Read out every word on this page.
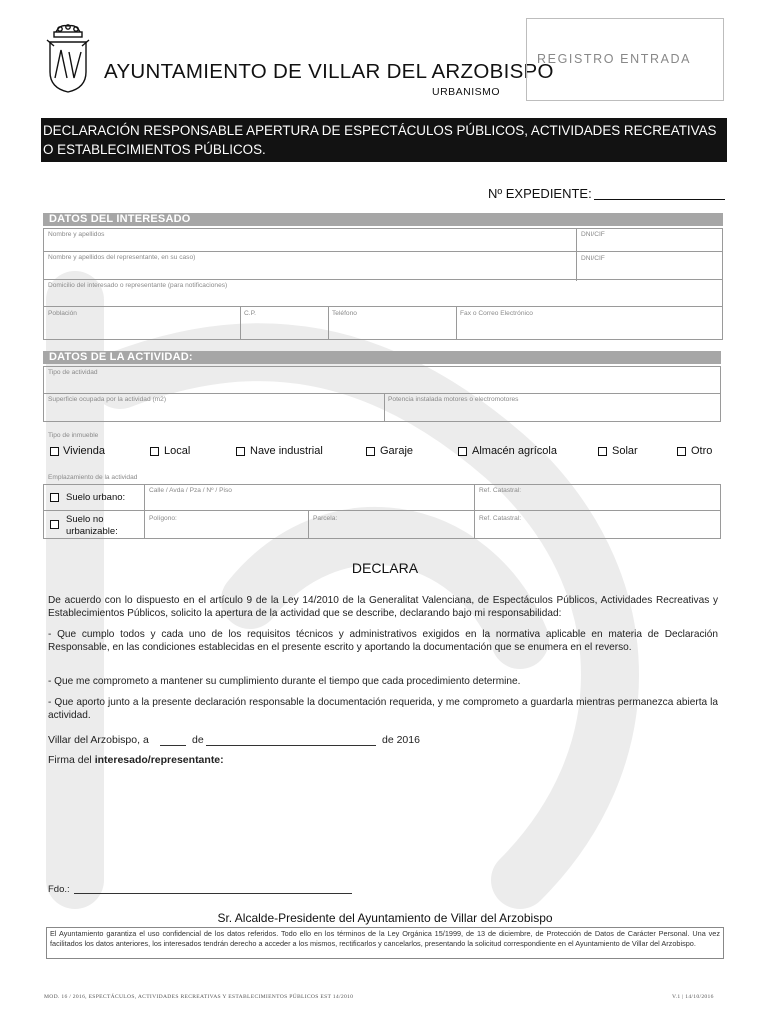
AYUNTAMIENTO DE VILLAR DEL ARZOBISPO
URBANISMO
REGISTRO ENTRADA
DECLARACIÓN RESPONSABLE APERTURA DE ESPECTÁCULOS PÚBLICOS, ACTIVIDADES RECREATIVAS O ESTABLECIMIENTOS PÚBLICOS.
Nº EXPEDIENTE:
DATOS DEL INTERESADO
Nombre y apellidos	DNI/CIF
Nombre y apellidos del representante, en su caso)	DNI/CIF
Domicilio del interesado o representante (para notificaciones)
Población	C.P.	Teléfono	Fax o Correo Electrónico
DATOS DE LA ACTIVIDAD:
Tipo de actividad
Superficie ocupada por la actividad (m2)	Potencia instalada motores o electromotores
Tipo de inmueble
Vivienda	Local	Nave industrial	Garaje	Almacén agrícola	Solar	Otro
Emplazamiento de la actividad
Suelo urbano:
Calle / Avda / Pza / Nº / Piso	Ref. Catastral:
Suelo no
urbanizable:
Polígono:	Parcela:	Ref. Catastral:
DECLARA
De acuerdo con lo dispuesto en el artículo 9 de la Ley 14/2010 de la Generalitat Valenciana, de Espectáculos Públicos, Actividades Recreativas y Establecimientos Públicos, solicito la apertura de la actividad que se describe, declarando bajo mi responsabilidad:
- Que cumplo todos y cada uno de los requisitos técnicos y administrativos exigidos en la normativa aplicable en materia de Declaración Responsable, en las condiciones establecidas en el presente escrito y aportando la documentación que se enumera en el reverso.
- Que me comprometo a mantener su cumplimiento durante el tiempo que cada procedimiento determine.
- Que aporto junto a la presente declaración responsable la documentación requerida, y me comprometo a guardarla mientras permanezca abierta la actividad.
Villar del Arzobispo, a	de	de 2016
Firma del interesado/representante:
Fdo.:
Sr. Alcalde-Presidente del Ayuntamiento de Villar del Arzobispo
El Ayuntamiento garantiza el uso confidencial de los datos referidos. Todo ello en los términos de la Ley Orgánica 15/1999, de 13 de diciembre, de Protección de Datos de Carácter Personal. Una vez facilitados los datos anteriores, los interesados tendrán derecho a acceder a los mismos, rectificarlos y cancelarlos, presentando la solicitud correspondiente en el Ayuntamiento de Villar del Arzobispo.
MOD. 16 / 2016, ESPECTÁCULOS, ACTIVIDADES RECREATIVAS Y ESTABLECIMIENTOS PÚBLICOS EST 14/2010	V.1 | 14/10/2016
